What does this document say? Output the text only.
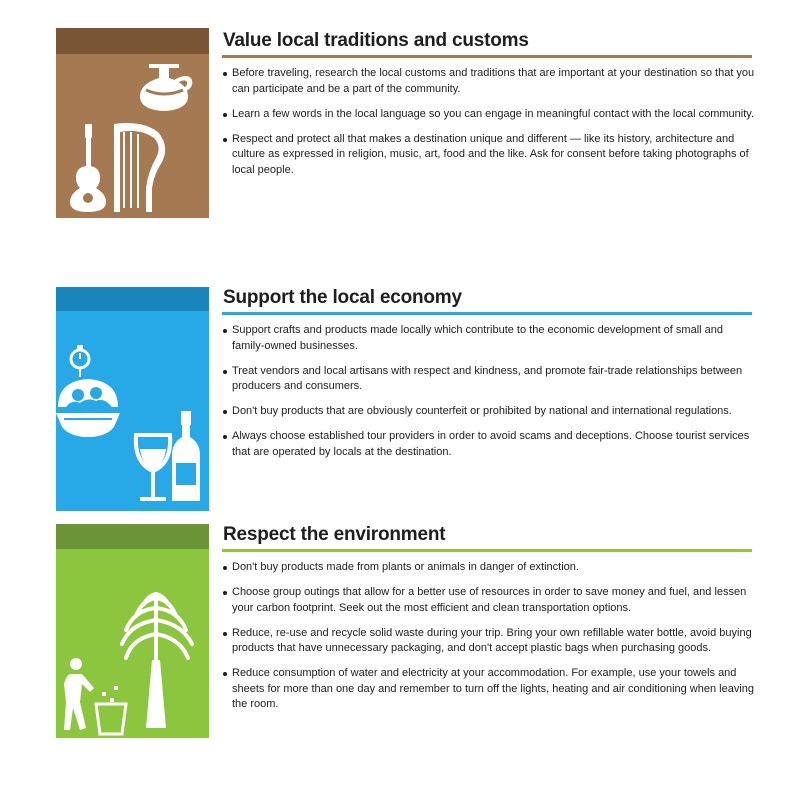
Value local traditions and customs
Before traveling, research the local customs and traditions that are important at your destination so that you can participate and be a part of the community.
Learn a few words in the local language so you can engage in meaningful contact with the local community.
Respect and protect all that makes a destination unique and different — like its history, architecture and culture as expressed in religion, music, art, food and the like. Ask for consent before taking photographs of local people.
Support the local economy
Support crafts and products made locally which contribute to the economic development of small and family-owned businesses.
Treat vendors and local artisans with respect and kindness, and promote fair-trade relationships between producers and consumers.
Don't buy products that are obviously counterfeit or prohibited by national and international regulations.
Always choose established tour providers in order to avoid scams and deceptions. Choose tourist services that are operated by locals at the destination.
Respect the environment
Don't buy products made from plants or animals in danger of extinction.
Choose group outings that allow for a better use of resources in order to save money and fuel, and lessen your carbon footprint. Seek out the most efficient and clean transportation options.
Reduce, re-use and recycle solid waste during your trip. Bring your own refillable water bottle, avoid buying products that have unnecessary packaging, and don't accept plastic bags when purchasing goods.
Reduce consumption of water and electricity at your accommodation. For example, use your towels and sheets for more than one day and remember to turn off the lights, heating and air conditioning when leaving the room.
